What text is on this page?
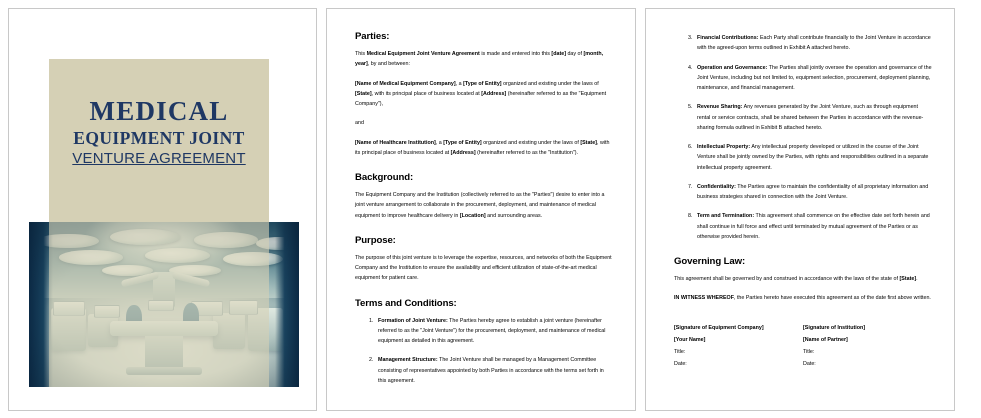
MEDICAL
EQUIPMENT JOINT
VENTURE AGREEMENT
Parties:

This Medical Equipment Joint Venture Agreement is made and entered into this [date] day of [month, year], by and between:

[Name of Medical Equipment Company], a [Type of Entity] organized and existing under the laws of [State], with its principal place of business located at [Address] (hereinafter referred to as the "Equipment Company"),

and

[Name of Healthcare Institution], a [Type of Entity] organized and existing under the laws of [State], with its principal place of business located at [Address] (hereinafter referred to as the "Institution").

Background:

The Equipment Company and the Institution (collectively referred to as the "Parties") desire to enter into a joint venture arrangement to collaborate in the procurement, deployment, and maintenance of medical equipment to improve healthcare delivery in [Location] and surrounding areas.

Purpose:

The purpose of this joint venture is to leverage the expertise, resources, and networks of both the Equipment Company and the Institution to ensure the availability and efficient utilization of state-of-the-art medical equipment for patient care.

Terms and Conditions:
1. Formation of Joint Venture: The Parties hereby agree to establish a joint venture (hereinafter referred to as the "Joint Venture") for the procurement, deployment, and maintenance of medical equipment as detailed in this agreement.
2. Management Structure: The Joint Venture shall be managed by a Management Committee consisting of representatives appointed by both Parties in accordance with the terms set forth in this agreement.
3. Financial Contributions: Each Party shall contribute financially to the Joint Venture in accordance with the agreed-upon terms outlined in Exhibit A attached hereto.
4. Operation and Governance: The Parties shall jointly oversee the operation and governance of the Joint Venture, including but not limited to, equipment selection, procurement, deployment planning, maintenance, and financial management.
5. Revenue Sharing: Any revenues generated by the Joint Venture, such as through equipment rental or service contracts, shall be shared between the Parties in accordance with the revenue-sharing formula outlined in Exhibit B attached hereto.
6. Intellectual Property: Any intellectual property developed or utilized in the course of the Joint Venture shall be jointly owned by the Parties, with rights and responsibilities outlined in a separate intellectual property agreement.
7. Confidentiality: The Parties agree to maintain the confidentiality of all proprietary information and business strategies shared in connection with the Joint Venture.
8. Term and Termination: This agreement shall commence on the effective date set forth herein and shall continue in full force and effect until terminated by mutual agreement of the Parties or as otherwise provided herein.
Governing Law:

This agreement shall be governed by and construed in accordance with the laws of the state of [State].

IN WITNESS WHEREOF, the Parties hereto have executed this agreement as of the date first above written.

[Signature of Equipment Company]
[Your Name]
Title:
Date:
[Signature of Institution]
[Name of Partner]
Title:
Date:
